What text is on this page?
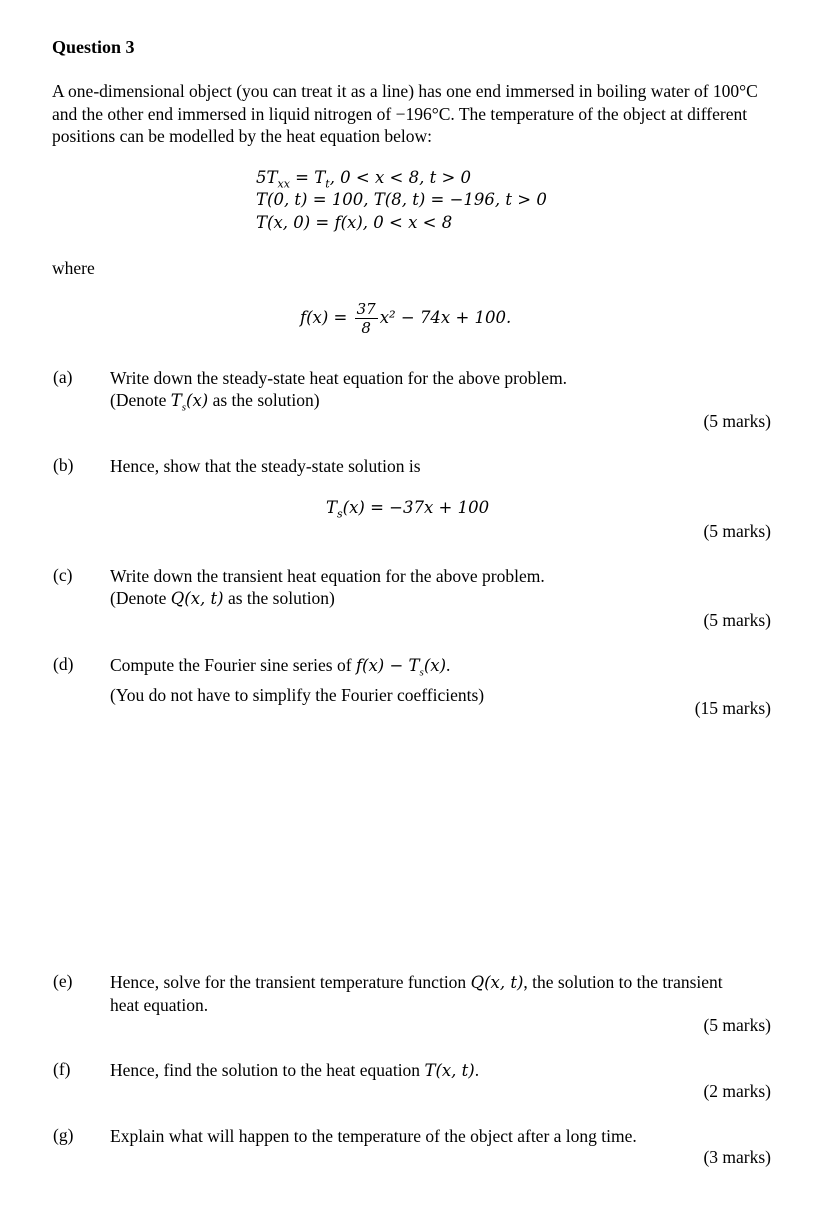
Question 3
A one-dimensional object (you can treat it as a line) has one end immersed in boiling water of 100°C and the other end immersed in liquid nitrogen of −196°C. The temperature of the object at different positions can be modelled by the heat equation below:
$5T_{xx} = T_t$, 0 < x < 8, t > 0
T(0, t) = 100, T(8, t) = −196, t > 0
T(x, 0) = f(x), 0 < x < 8
where
$f(x) = \frac{37}{8} x^2 - 74x + 100$.
(a) Write down the steady-state heat equation for the above problem.
(Denote $T_s(x)$ as the solution)
(5 marks)
(b) Hence, show that the steady-state solution is
$T_s(x) = -37x + 100$
(5 marks)
(c) Write down the transient heat equation for the above problem.
(Denote Q(x, t) as the solution)
(5 marks)
(d) Compute the Fourier sine series of $f(x) - T_s(x)$.
(You do not have to simplify the Fourier coefficients)
(15 marks)
(e) Hence, solve for the transient temperature function Q(x, t), the solution to the transient
heat equation.
(5 marks)
(f) Hence, find the solution to the heat equation T(x, t).
(2 marks)
(g) Explain what will happen to the temperature of the object after a long time.
(3 marks)
